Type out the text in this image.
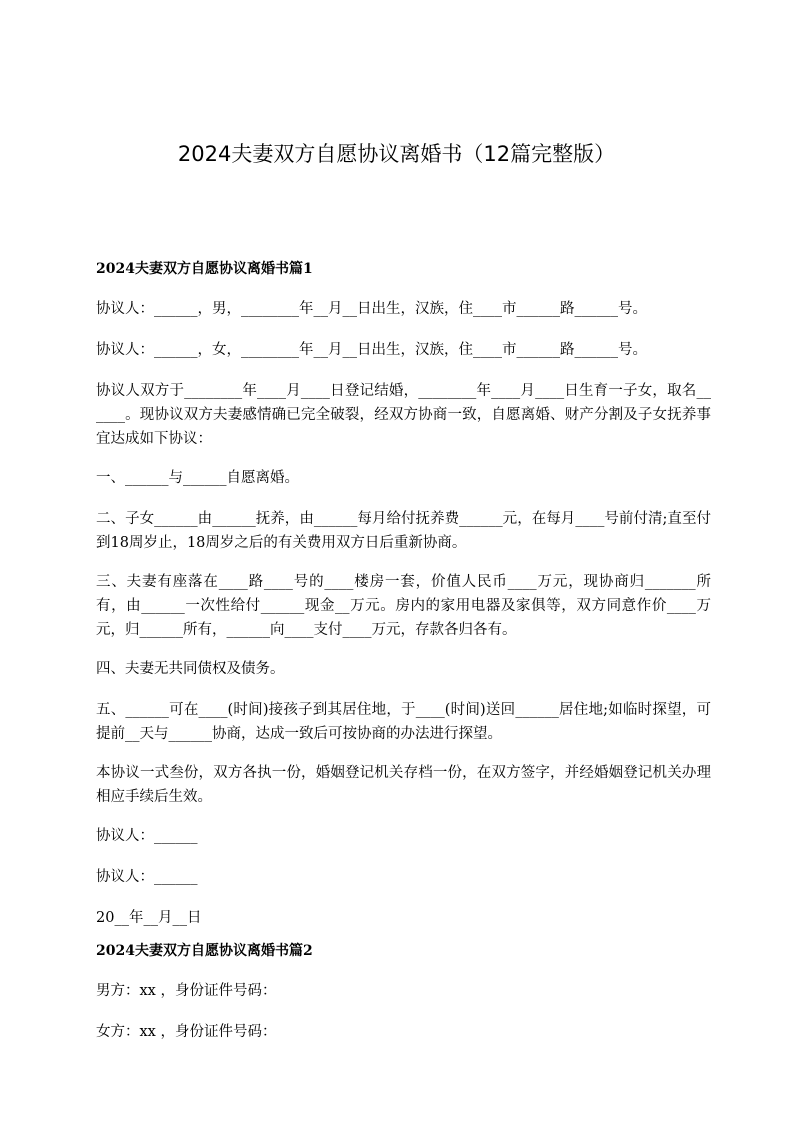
2024夫妻双方自愿协议离婚书（12篇完整版）
2024夫妻双方自愿协议离婚书篇1
协议人：______，男，________年__月__日出生，汉族，住____市______路______号。
协议人：______，女，________年__月__日出生，汉族，住____市______路______号。
协议人双方于________年____月____日登记结婚，________年____月____日生育一子女，取名______。现协议双方夫妻感情确已完全破裂，经双方协商一致，自愿离婚、财产分割及子女抚养事宜达成如下协议：
一、______与______自愿离婚。
二、子女______由______抚养，由______每月给付抚养费______元，在每月____号前付清;直至付到18周岁止，18周岁之后的有关费用双方日后重新协商。
三、夫妻有座落在____路____号的____楼房一套，价值人民币____万元，现协商归_______所有，由______一次性给付______现金__万元。房内的家用电器及家俱等，双方同意作价____万元，归______所有，______向____支付____万元，存款各归各有。
四、夫妻无共同债权及债务。
五、______可在____(时间)接孩子到其居住地，于____(时间)送回______居住地;如临时探望，可提前__天与______协商，达成一致后可按协商的办法进行探望。
本协议一式叁份，双方各执一份，婚姻登记机关存档一份，在双方签字，并经婚姻登记机关办理相应手续后生效。
协议人：______
协议人：______
20__年__月__日
2024夫妻双方自愿协议离婚书篇2
男方：xx ，身份证件号码：
女方：xx ，身份证件号码：
